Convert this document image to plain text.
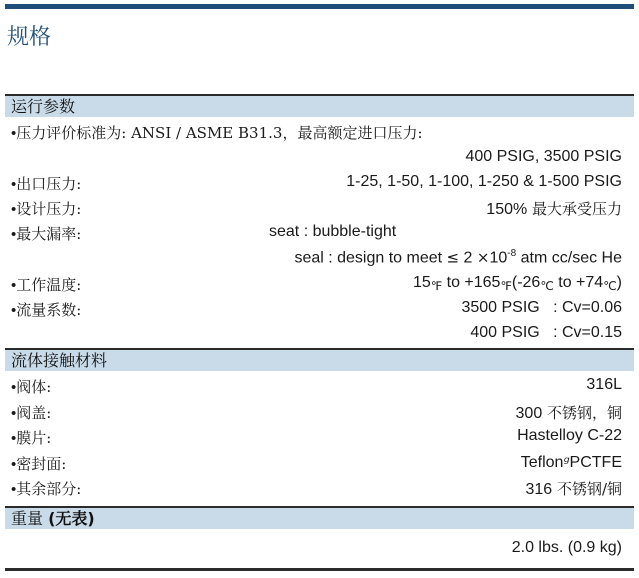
规格
运行参数
•压力评价标准为: ANSI / ASME B31.3，最高额定进口压力:
400 PSIG, 3500 PSIG
•出口压力:	1-25, 1-50, 1-100, 1-250 & 1-500 PSIG
•设计压力:	150% 最大承受压力
•最大漏率:	seat : bubble-tight
seal : design to meet ≤ $2 \times 10^{-8}$ atm cc/sec He
•工作温度:	15℉ to +165℉(-26℃ to +74℃)
•流量系数:	3500 PSIG   : Cv=0.06
400 PSIG   : Cv=0.15
流体接触材料
•阀体:	316L
•阀盖:	300 不锈钢，铜
•膜片:	Hastelloy C-22
•密封面:	TeflonᵍPCTFE
•其余部分:	316 不锈钢/铜
重量 (无表)
2.0 lbs. (0.9 kg)
